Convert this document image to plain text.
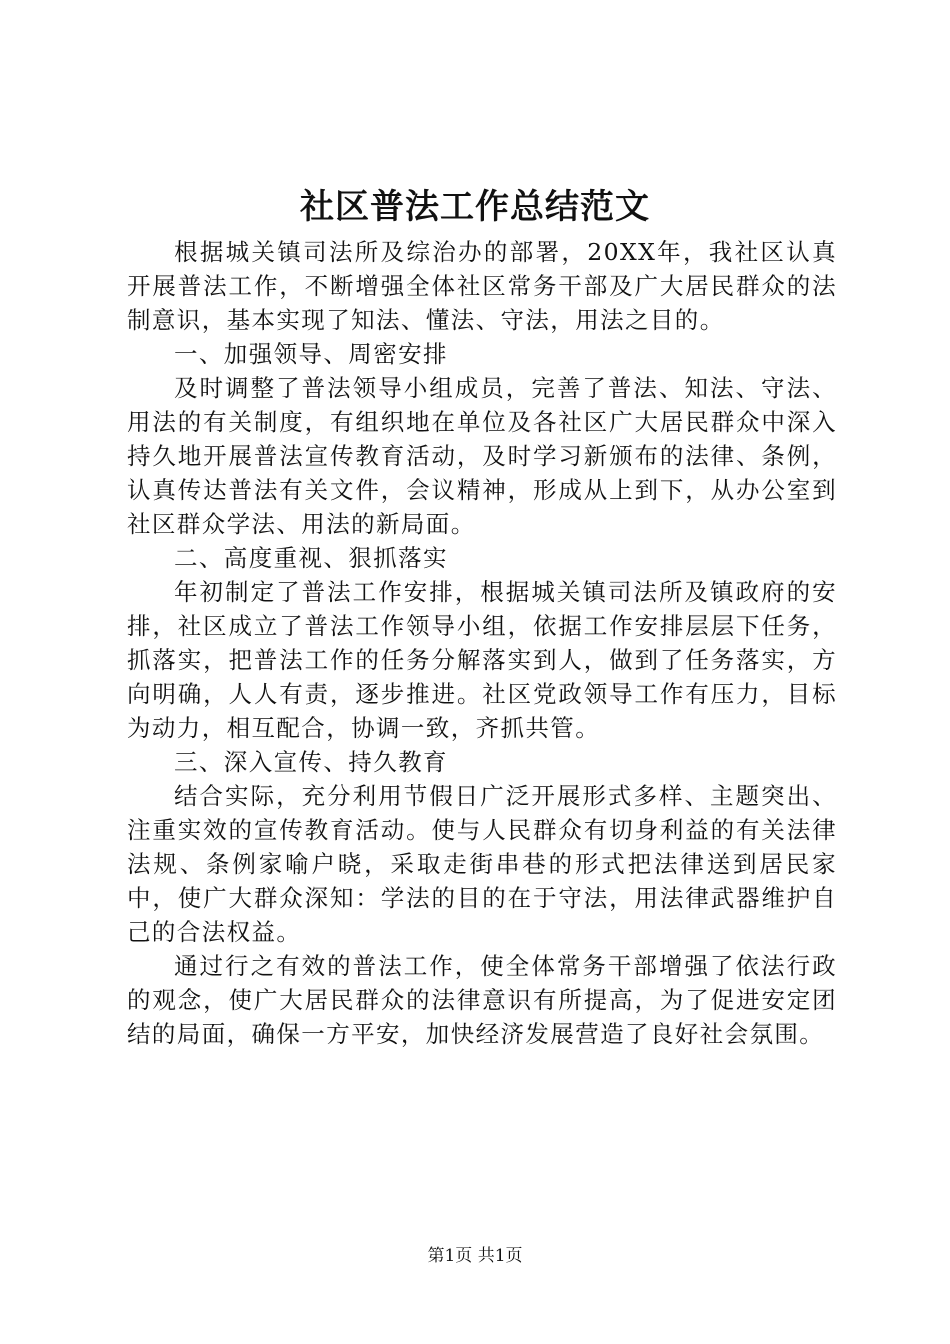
社区普法工作总结范文

根据城关镇司法所及综治办的部署，20XX年，我社区认真开展普法工作，不断增强全体社区常务干部及广大居民群众的法制意识，基本实现了知法、懂法、守法，用法之目的。

一、加强领导、周密安排

及时调整了普法领导小组成员，完善了普法、知法、守法、用法的有关制度，有组织地在单位及各社区广大居民群众中深入持久地开展普法宣传教育活动，及时学习新颁布的法律、条例，认真传达普法有关文件，会议精神，形成从上到下，从办公室到社区群众学法、用法的新局面。

二、高度重视、狠抓落实

年初制定了普法工作安排，根据城关镇司法所及镇政府的安排，社区成立了普法工作领导小组，依据工作安排层层下任务，抓落实，把普法工作的任务分解落实到人，做到了任务落实，方向明确，人人有责，逐步推进。社区党政领导工作有压力，目标为动力，相互配合，协调一致，齐抓共管。

三、深入宣传、持久教育

结合实际，充分利用节假日广泛开展形式多样、主题突出、注重实效的宣传教育活动。使与人民群众有切身利益的有关法律法规、条例家喻户晓，采取走街串巷的形式把法律送到居民家中，使广大群众深知：学法的目的在于守法，用法律武器维护自己的合法权益。

通过行之有效的普法工作，使全体常务干部增强了依法行政的观念，使广大居民群众的法律意识有所提高，为了促进安定团结的局面，确保一方平安，加快经济发展营造了良好社会氛围。

第1页 共1页
